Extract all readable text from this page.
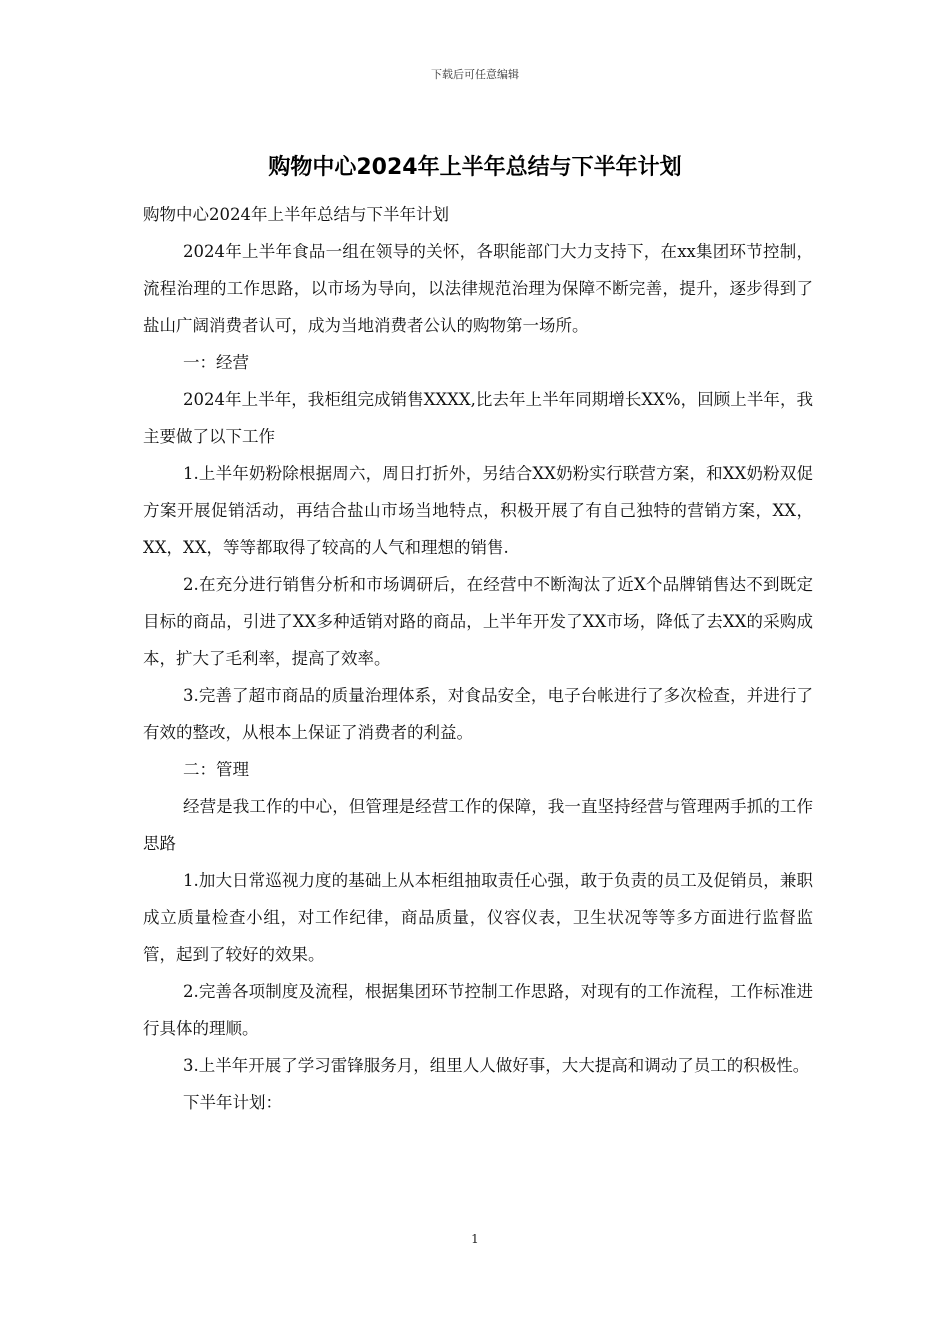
下载后可任意编辑
购物中心2024年上半年总结与下半年计划

购物中心2024年上半年总结与下半年计划

2024年上半年食品一组在领导的关怀，各职能部门大力支持下，在xx集团环节控制，流程治理的工作思路，以市场为导向，以法律规范治理为保障不断完善，提升，逐步得到了盐山广阔消费者认可，成为当地消费者公认的购物第一场所。

一：经营

2024年上半年，我柜组完成销售XXXX,比去年上半年同期增长XX%，回顾上半年，我主要做了以下工作

1.上半年奶粉除根据周六，周日打折外，另结合XX奶粉实行联营方案，和XX奶粉双促方案开展促销活动，再结合盐山市场当地特点，积极开展了有自己独特的营销方案，XX，XX，XX，等等都取得了较高的人气和理想的销售.

2.在充分进行销售分析和市场调研后，在经营中不断淘汰了近X个品牌销售达不到既定目标的商品，引进了XX多种适销对路的商品，上半年开发了XX市场，降低了去XX的采购成本，扩大了毛利率，提高了效率。

3.完善了超市商品的质量治理体系，对食品安全，电子台帐进行了多次检查，并进行了有效的整改，从根本上保证了消费者的利益。

二：管理

经营是我工作的中心，但管理是经营工作的保障，我一直坚持经营与管理两手抓的工作思路

1.加大日常巡视力度的基础上从本柜组抽取责任心强，敢于负责的员工及促销员，兼职成立质量检查小组，对工作纪律，商品质量，仪容仪表，卫生状况等等多方面进行监督监管，起到了较好的效果。

2.完善各项制度及流程，根据集团环节控制工作思路，对现有的工作流程，工作标准进行具体的理顺。

3.上半年开展了学习雷锋服务月，组里人人做好事，大大提高和调动了员工的积极性。

下半年计划：

1
